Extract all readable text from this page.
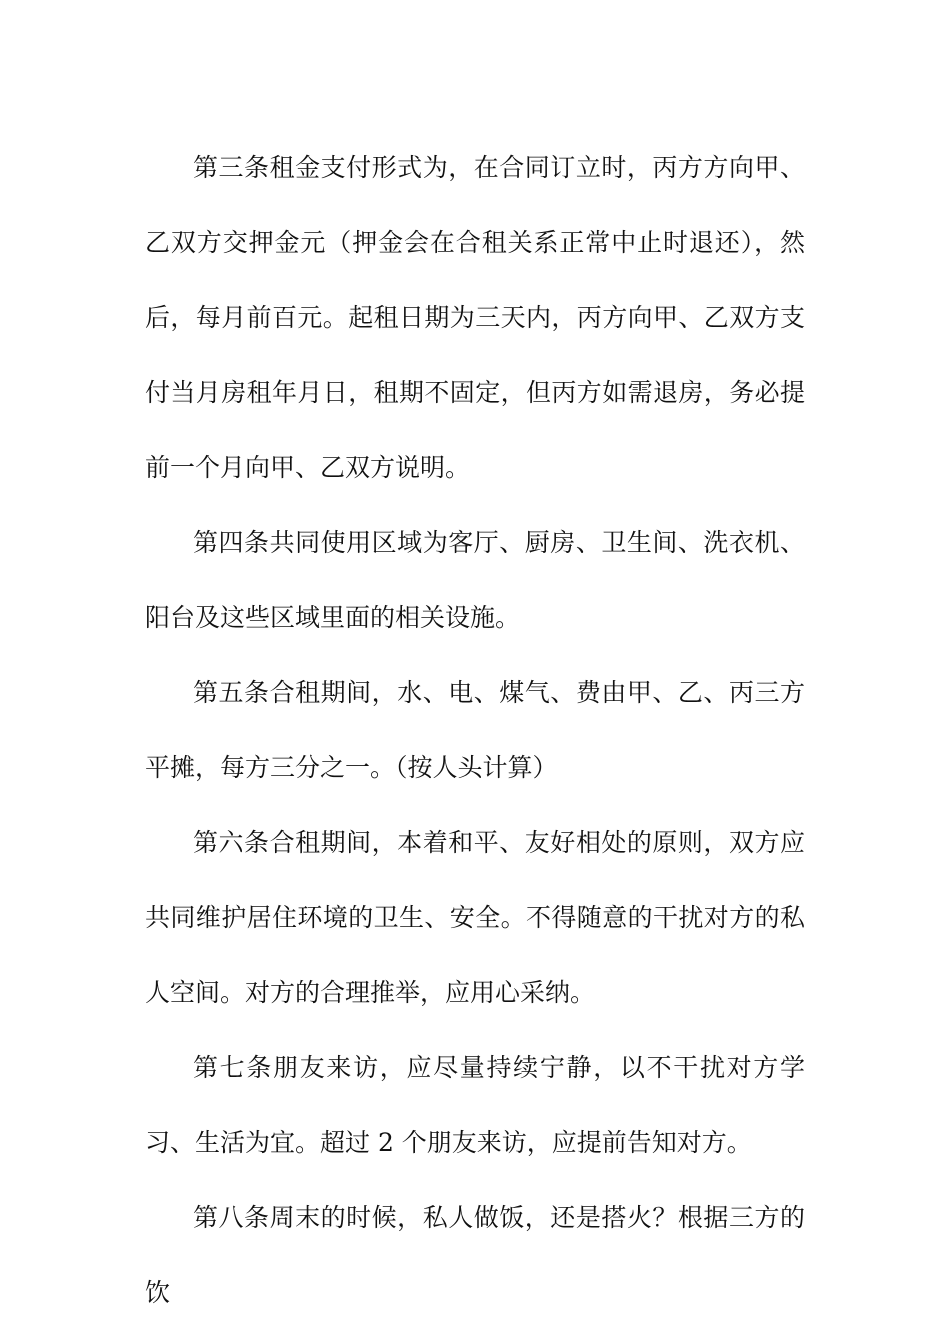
第三条租金支付形式为，在合同订立时，丙方方向甲、乙双方交押金元（押金会在合租关系正常中止时退还），然后，每月前百元。起租日期为三天内，丙方向甲、乙双方支付当月房租年月日，租期不固定，但丙方如需退房，务必提前一个月向甲、乙双方说明。

第四条共同使用区域为客厅、厨房、卫生间、洗衣机、阳台及这些区域里面的相关设施。

第五条合租期间，水、电、煤气、费由甲、乙、丙三方平摊，每方三分之一。（按人头计算）

第六条合租期间，本着和平、友好相处的原则，双方应共同维护居住环境的卫生、安全。不得随意的干扰对方的私人空间。对方的合理推举，应用心采纳。

第七条朋友来访，应尽量持续宁静，以不干扰对方学习、生活为宜。超过 2 个朋友来访，应提前告知对方。

第八条周末的时候，私人做饭，还是搭火？根据三方的饮
